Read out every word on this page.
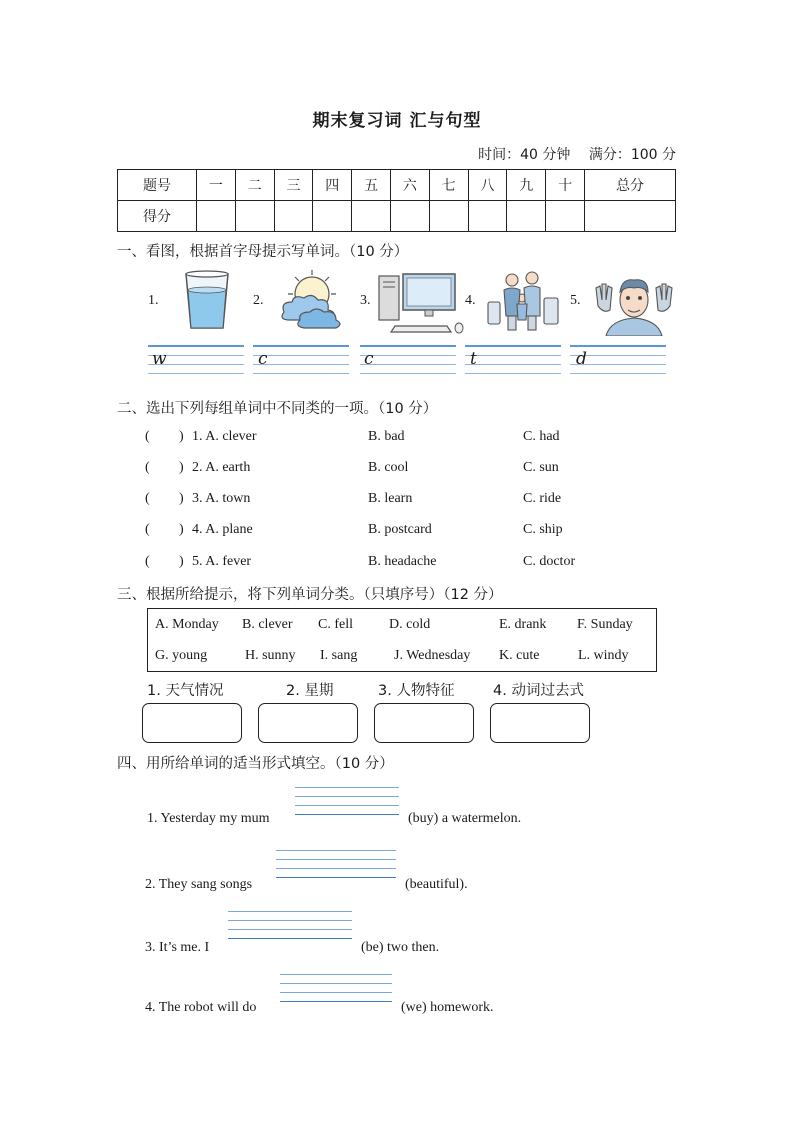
期末复习词 汇与句型
时间：40 分钟 满分：100 分
题号	一	二	三	四	五	六	七	八	九	十	总分
得分											
一、看图，根据首字母提示写单词。（10 分）
1.	2.	3.	4.	5.
w	c	c	t	d
二、选出下列每组单词中不同类的一项。（10 分）
( ) 1. A. clever	B. bad	C. had
( ) 2. A. earth	B. cool	C. sun
( ) 3. A. town	B. learn	C. ride
( ) 4. A. plane	B. postcard	C. ship
( ) 5. A. fever	B. headache	C. doctor
三、根据所给提示，将下列单词分类。（只填序号）（12 分）
A. Monday B. clever C. fell	D. cold	E. drank F. Sunday
G. young	H. sunny I. sang	J. Wednesday K. cute	L. windy
1. 天气情况	2. 星期	3. 人物特征	4. 动词过去式
四、用所给单词的适当形式填空。（10 分）
1. Yesterday my mum	(buy) a watermelon.
2. They sang songs	(beautiful).
3. It’s me. I	(be) two then.
4. The robot will do	(we) homework.
